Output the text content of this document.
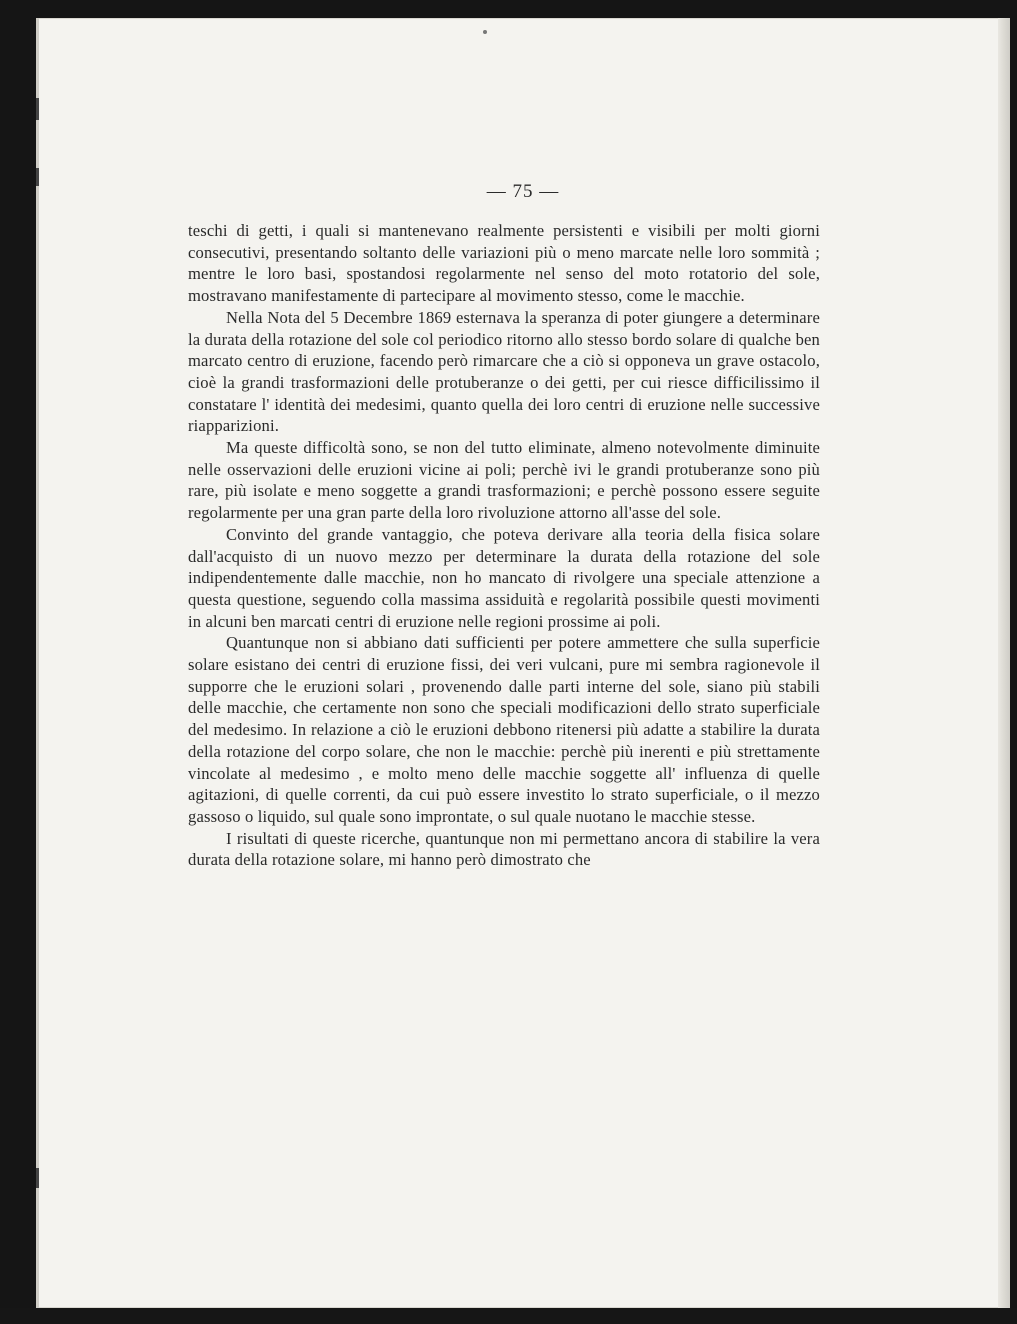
— 75 —

teschi di getti, i quali si mantenevano realmente persistenti e visibili per molti giorni consecutivi, presentando soltanto delle variazioni più o meno marcate nelle loro sommità ; mentre le loro basi, spostandosi regolarmente nel senso del moto rotatorio del sole, mostravano manifestamente di partecipare al movimento stesso, come le macchie.

Nella Nota del 5 Decembre 1869 esternava la speranza di poter giungere a determinare la durata della rotazione del sole col periodico ritorno allo stesso bordo solare di qualche ben marcato centro di eruzione, facendo però rimarcare che a ciò si opponeva un grave ostacolo, cioè la grandi trasformazioni delle protuberanze o dei getti, per cui riesce difficilissimo il constatare l' identità dei medesimi, quanto quella dei loro centri di eruzione nelle successive riapparizioni.

Ma queste difficoltà sono, se non del tutto eliminate, almeno notevolmente diminuite nelle osservazioni delle eruzioni vicine ai poli; perchè ivi le grandi protuberanze sono più rare, più isolate e meno soggette a grandi trasformazioni; e perchè possono essere seguite regolarmente per una gran parte della loro rivoluzione attorno all'asse del sole.

Convinto del grande vantaggio, che poteva derivare alla teoria della fisica solare dall'acquisto di un nuovo mezzo per determinare la durata della rotazione del sole indipendentemente dalle macchie, non ho mancato di rivolgere una speciale attenzione a questa questione, seguendo colla massima assiduità e regolarità possibile questi movimenti in alcuni ben marcati centri di eruzione nelle regioni prossime ai poli.

Quantunque non si abbiano dati sufficienti per potere ammettere che sulla superficie solare esistano dei centri di eruzione fissi, dei veri vulcani, pure mi sembra ragionevole il supporre che le eruzioni solari , provenendo dalle parti interne del sole, siano più stabili delle macchie, che certamente non sono che speciali modificazioni dello strato superficiale del medesimo. In relazione a ciò le eruzioni debbono ritenersi più adatte a stabilire la durata della rotazione del corpo solare, che non le macchie: perchè più inerenti e più strettamente vincolate al medesimo , e molto meno delle macchie soggette all' influenza di quelle agitazioni, di quelle correnti, da cui può essere investito lo strato superficiale, o il mezzo gassoso o liquido, sul quale sono improntate, o sul quale nuotano le macchie stesse.

I risultati di queste ricerche, quantunque non mi permettano ancora di stabilire la vera durata della rotazione solare, mi hanno però dimostrato che
